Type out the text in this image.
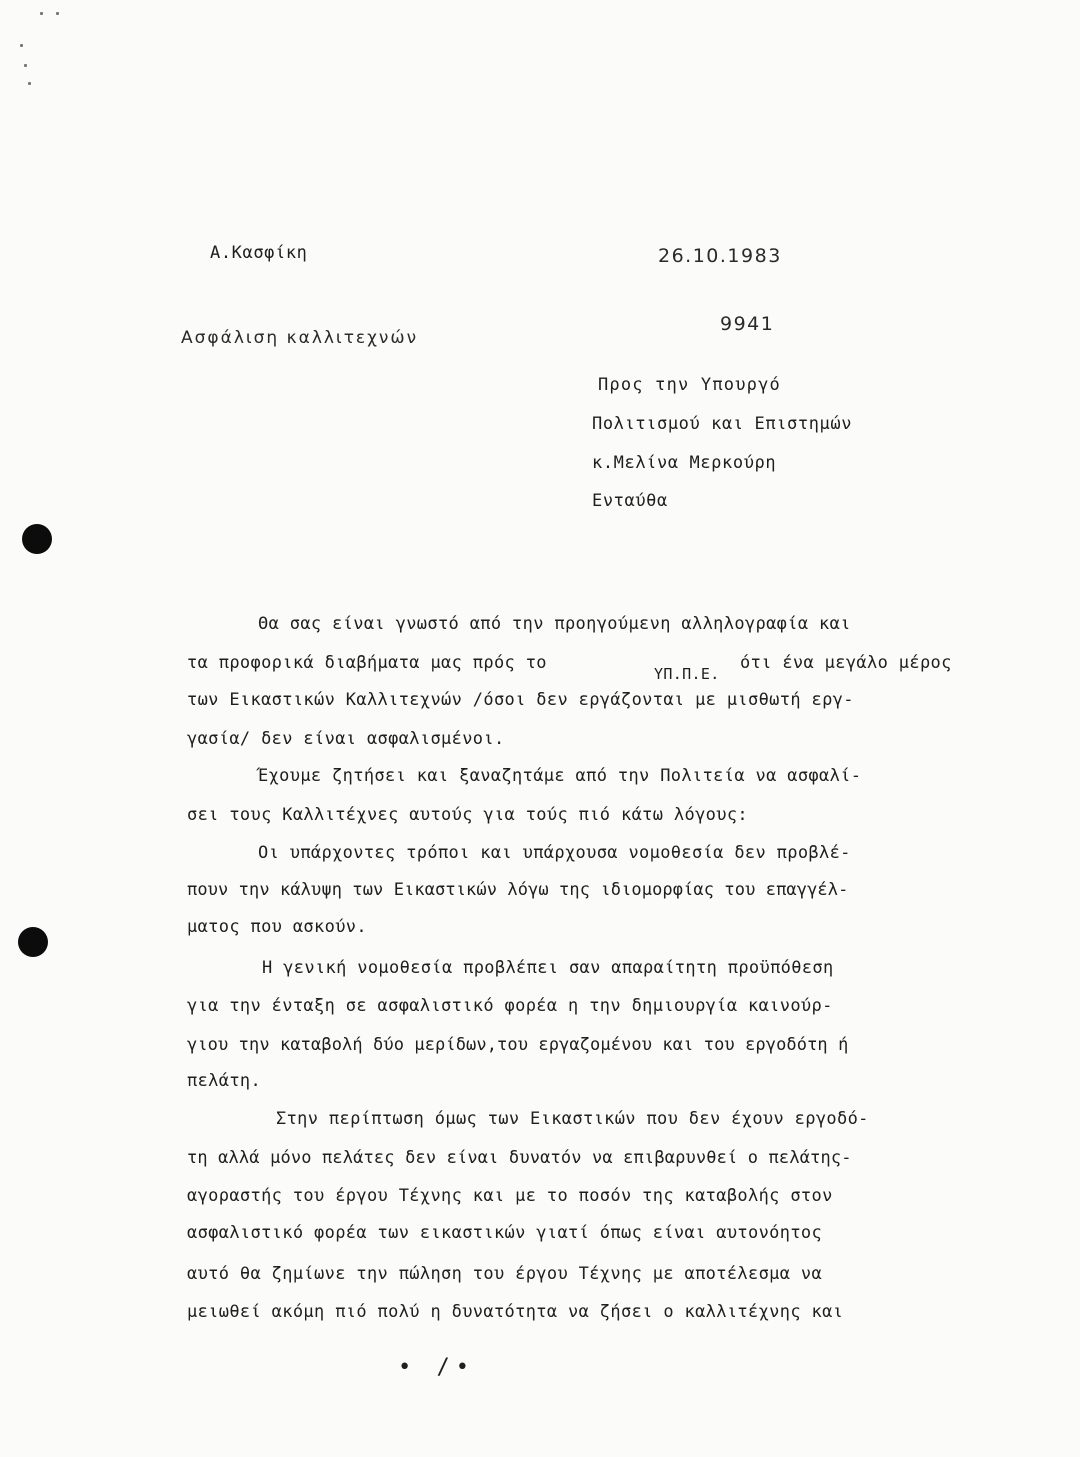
Α.Κασφίκη	26.10.1983
Ασφάλιση καλλιτεχνών
9941
Προς την Υπουργό
Πολιτισμού και Επιστημών
κ.Μελίνα Μερκούρη
Ενταύθα
Θα σας είναι γνωστό από την προηγούμενη αλληλογραφία και
τα προφορικά διαβήματα μας πρός το
ΥΠ.Π.Ε.
ότι ένα μεγάλο μέρος
των Εικαστικών Καλλιτεχνών /όσοι δεν εργάζονται με μισθωτή εργ-
γασία/ δεν είναι ασφαλισμένοι.
Έχουμε ζητήσει και ξαναζητάμε από την Πολιτεία να ασφαλί-
σει τους Καλλιτέχνες αυτούς για τούς πιό κάτω λόγους:
Οι υπάρχοντες τρόποι και υπάρχουσα νομοθεσία δεν προβλέ-
πουν την κάλυψη των Εικαστικών λόγω της ιδιομορφίας του επαγγέλ-
ματος που ασκούν.
Η γενική νομοθεσία προβλέπει σαν απαραίτητη προϋπόθεση
για την ένταξη σε ασφαλιστικό φορέα η την δημιουργία καινούρ-
γιου την καταβολή δύο μερίδων,του εργαζομένου και του εργοδότη ή
πελάτη.
Στην περίπτωση όμως των Εικαστικών που δεν έχουν εργοδό-
τη αλλά μόνο πελάτες δεν είναι δυνατόν να επιβαρυνθεί ο πελάτης-
αγοραστής του έργου Τέχνης και με το ποσόν της καταβολής στον
ασφαλιστικό φορέα των εικαστικών γιατί όπως είναι αυτονόητος
αυτό θα ζημίωνε την πώληση του έργου Τέχνης με αποτέλεσμα να
μειωθεί ακόμη πιό πολύ η δυνατότητα να ζήσει ο καλλιτέχνης και
• /•
